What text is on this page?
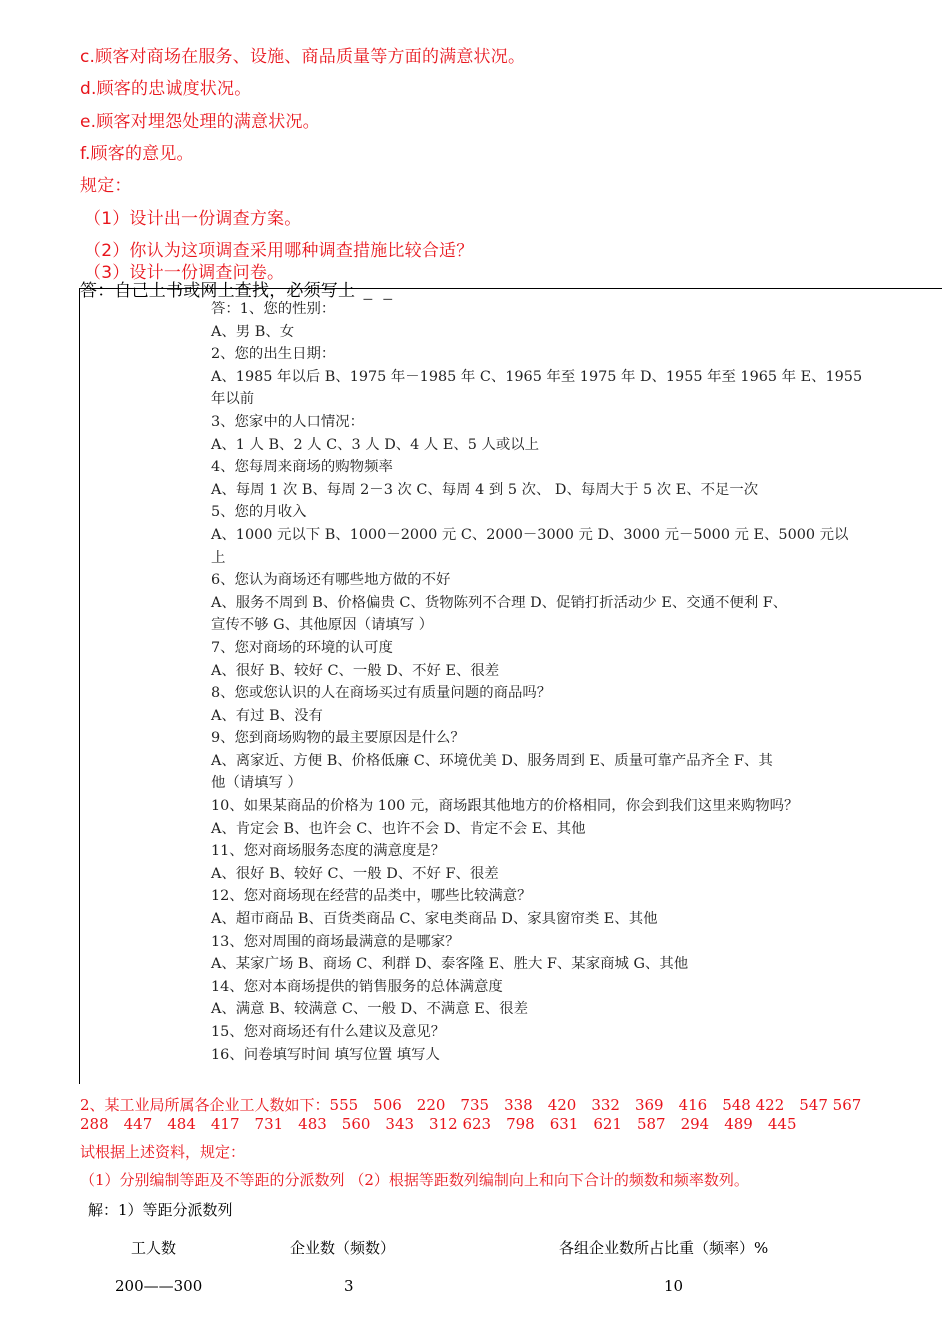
c.顾客对商场在服务、设施、商品质量等方面的满意状况。
d.顾客的忠诚度状况。
e.顾客对埋怨处理的满意状况。
f.顾客的意见。
规定：
（1）设计出一份调查方案。
（2）你认为这项调查采用哪种调查措施比较合适？
（3）设计一份调查问卷。
答：自己上书或网上查找，必须写上 _ _
答：1、您的性别：
A、男 B、女
2、您的出生日期：
A、1985 年以后 B、1975 年－1985 年 C、1965 年至 1975 年 D、1955 年至 1965 年 E、1955
年以前
3、您家中的人口情况：
A、1 人 B、2 人 C、3 人 D、4 人 E、5 人或以上
4、您每周来商场的购物频率
A、每周 1 次 B、每周 2－3 次 C、每周 4 到 5 次、 D、每周大于 5 次 E、不足一次
5、您的月收入
A、1000 元以下 B、1000－2000 元 C、2000－3000 元 D、3000 元－5000 元 E、5000 元以
上
6、您认为商场还有哪些地方做的不好
A、服务不周到 B、价格偏贵 C、货物陈列不合理 D、促销打折活动少 E、交通不便利 F、
宣传不够 G、其他原因（请填写 ）
7、您对商场的环境的认可度
A、很好 B、较好 C、一般 D、不好 E、很差
8、您或您认识的人在商场买过有质量问题的商品吗？
A、有过 B、没有
9、您到商场购物的最主要原因是什么？
A、离家近、方便 B、价格低廉 C、环境优美 D、服务周到 E、质量可靠产品齐全 F、其
他（请填写 ）
10、如果某商品的价格为 100 元，商场跟其他地方的价格相同，你会到我们这里来购物吗？
A、肯定会 B、也许会 C、也许不会 D、肯定不会 E、其他
11、您对商场服务态度的满意度是？
A、很好 B、较好 C、一般 D、不好 F、很差
12、您对商场现在经营的品类中，哪些比较满意？
A、超市商品 B、百货类商品 C、家电类商品 D、家具窗帘类 E、其他
13、您对周围的商场最满意的是哪家？
A、某家广场 B、商场 C、利群 D、泰客隆 E、胜大 F、某家商城 G、其他
14、您对本商场提供的销售服务的总体满意度
A、满意 B、较满意 C、一般 D、不满意 E、很差
15、您对商场还有什么建议及意见？
16、问卷填写时间 填写位置 填写人
2、某工业局所属各企业工人数如下：555　506　220　735　338　420　332　369　416　548 422　547 567
288　447　484　417　731　483　560　343　312 623　798　631　621　587　294　489　445
试根据上述资料，规定：
（1）分别编制等距及不等距的分派数列 （2）根据等距数列编制向上和向下合计的频数和频率数列。
解：1）等距分派数列
工人数	企业数（频数）	各组企业数所占比重（频率）%
200——300	3	10
